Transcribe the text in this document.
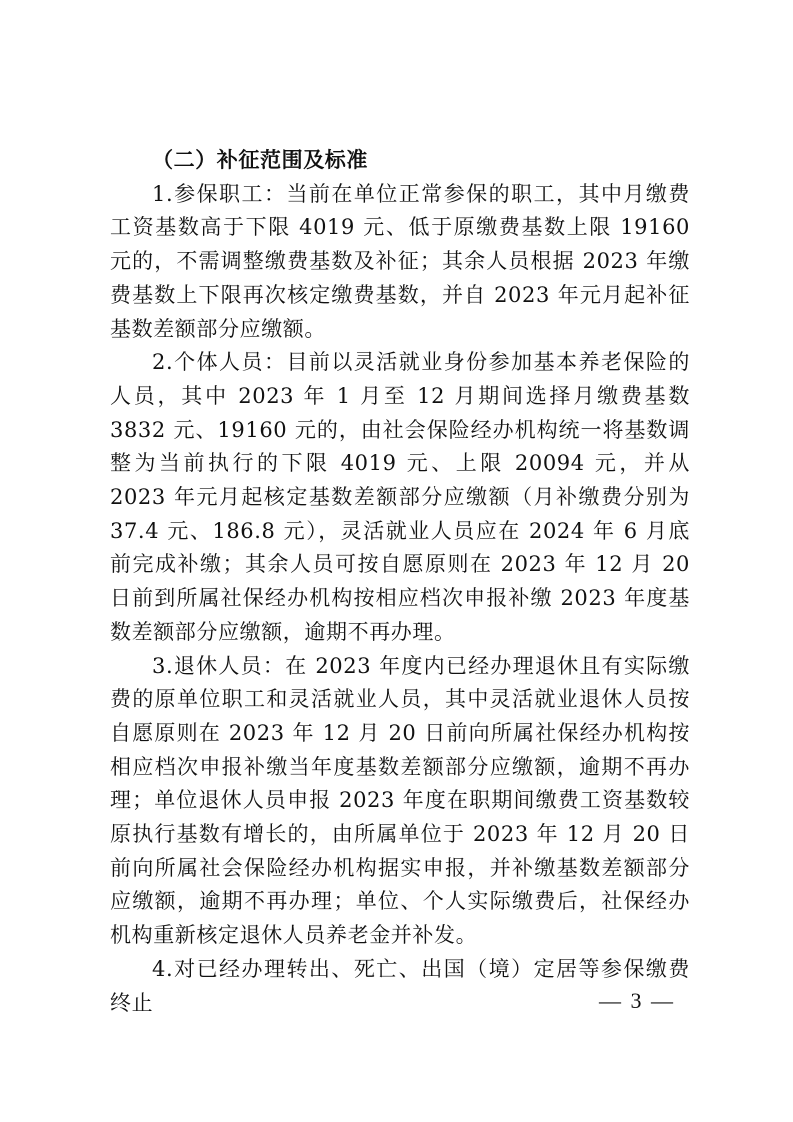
（二）补征范围及标准

1.参保职工：当前在单位正常参保的职工，其中月缴费工资基数高于下限 4019 元、低于原缴费基数上限 19160 元的，不需调整缴费基数及补征；其余人员根据 2023 年缴费基数上下限再次核定缴费基数，并自 2023 年元月起补征基数差额部分应缴额。

2.个体人员：目前以灵活就业身份参加基本养老保险的人员，其中 2023 年 1 月至 12 月期间选择月缴费基数 3832 元、19160 元的，由社会保险经办机构统一将基数调整为当前执行的下限 4019 元、上限 20094 元，并从 2023 年元月起核定基数差额部分应缴额（月补缴费分别为 37.4 元、186.8 元），灵活就业人员应在 2024 年 6 月底前完成补缴；其余人员可按自愿原则在 2023 年 12 月 20 日前到所属社保经办机构按相应档次申报补缴 2023 年度基数差额部分应缴额，逾期不再办理。

3.退休人员：在 2023 年度内已经办理退休且有实际缴费的原单位职工和灵活就业人员，其中灵活就业退休人员按自愿原则在 2023 年 12 月 20 日前向所属社保经办机构按相应档次申报补缴当年度基数差额部分应缴额，逾期不再办理；单位退休人员申报 2023 年度在职期间缴费工资基数较原执行基数有增长的，由所属单位于 2023 年 12 月 20 日前向所属社会保险经办机构据实申报，并补缴基数差额部分应缴额，逾期不再办理；单位、个人实际缴费后，社保经办机构重新核定退休人员养老金并补发。

4.对已经办理转出、死亡、出国（境）定居等参保缴费终止	— 3 —
